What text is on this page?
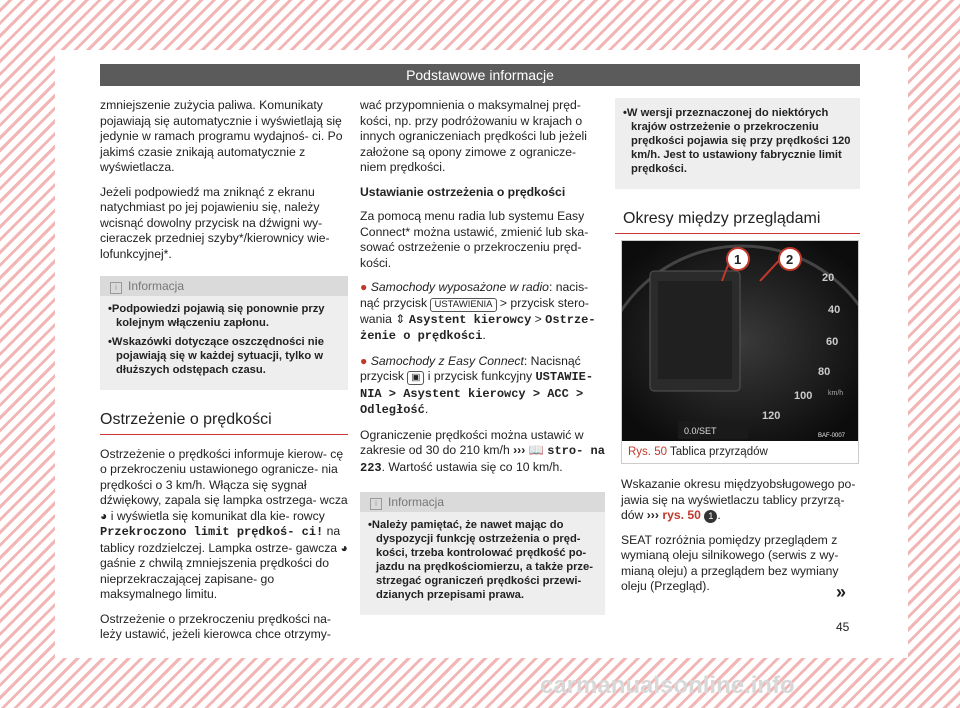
Podstawowe informacje

zmniejszenie zużycia paliwa. Komunikaty pojawiają się automatycznie i wyświetlają się jedynie w ramach programu wydajnoś- ci. Po jakimś czasie znikają automatycznie z wyświetlacza.

Jeżeli podpowiedź ma zniknąć z ekranu natychmiast po jej pojawieniu się, należy wcisnąć dowolny przycisk na dźwigni wy- cieraczek przedniej szyby*/kierownicy wie- lofunkcyjnej*.

i Informacja
• Podpowiedzi pojawią się ponownie przy kolejnym włączeniu zapłonu.
• Wskazówki dotyczące oszczędności nie pojawiają się w każdej sytuacji, tylko w dłuższych odstępach czasu.
Ostrzeżenie o prędkości

Ostrzeżenie o prędkości informuje kierow- cę o przekroczeniu ustawionego ogranicze- nia prędkości o 3 km/h. Włącza się sygnał dźwiękowy, zapala się lampka ostrzega- wcza ◕ i wyświetla się komunikat dla kie- rowcy Przekroczono limit prędkoś- ci! na tablicy rozdzielczej. Lampka ostrze- gawcza ◕ gaśnie z chwilą zmniejszenia prędkości do nieprzekraczającej zapisane- go maksymalnego limitu.

Ostrzeżenie o przekroczeniu prędkości na- leży ustawić, jeżeli kierowca chce otrzymy-

wać przypomnienia o maksymalnej pręd- kości, np. przy podróżowaniu w krajach o innych ograniczeniach prędkości lub jeżeli założone są opony zimowe z ogranicze- niem prędkości.

Ustawianie ostrzeżenia o prędkości

Za pomocą menu radia lub systemu Easy Connect* można ustawić, zmienić lub ska- sować ostrzeżenie o przekroczeniu pręd- kości.

● Samochody wyposażone w radio: nacis- nąć przycisk USTAWIENIA > przycisk stero- wania ⇕ Asystent kierowcy > Ostrze- żenie o prędkości.

● Samochody z Easy Connect: Nacisnąć przycisk ▣ i przycisk funkcyjny USTAWIE- NIA > Asystent kierowcy > ACC > Odległość.

Ograniczenie prędkości można ustawić w zakresie od 30 do 210 km/h ››› 📖 stro- na 223. Wartość ustawia się co 10 km/h.

i Informacja
• Należy pamiętać, że nawet mając do dyspozycji funkcję ostrzeżenia o pręd- kości, trzeba kontrolować prędkość po- jazdu na prędkościomierzu, a także prze- strzegać ograniczeń prędkości przewi- dzianych przepisami prawa.
• W wersji przeznaczonej do niektórych krajów ostrzeżenie o przekroczeniu prędkości pojawia się przy prędkości 120 km/h. Jest to ustawiony fabrycznie limit prędkości.
Okresy między przeglądami
0.0/SET
20
40
60
80
100
120
km/h
1	2
BAF-0007
Rys. 50 Tablica przyrządów

Wskazanie okresu międzyobsługowego po- jawia się na wyświetlaczu tablicy przyrzą- dów ››› rys. 50 1 .

SEAT rozróżnia pomiędzy przeglądem z wymianą oleju silnikowego (serwis z wy- mianą oleju) a przeglądem bez wymiany oleju (Przegląd).	»
45
carmanualsonline.info
